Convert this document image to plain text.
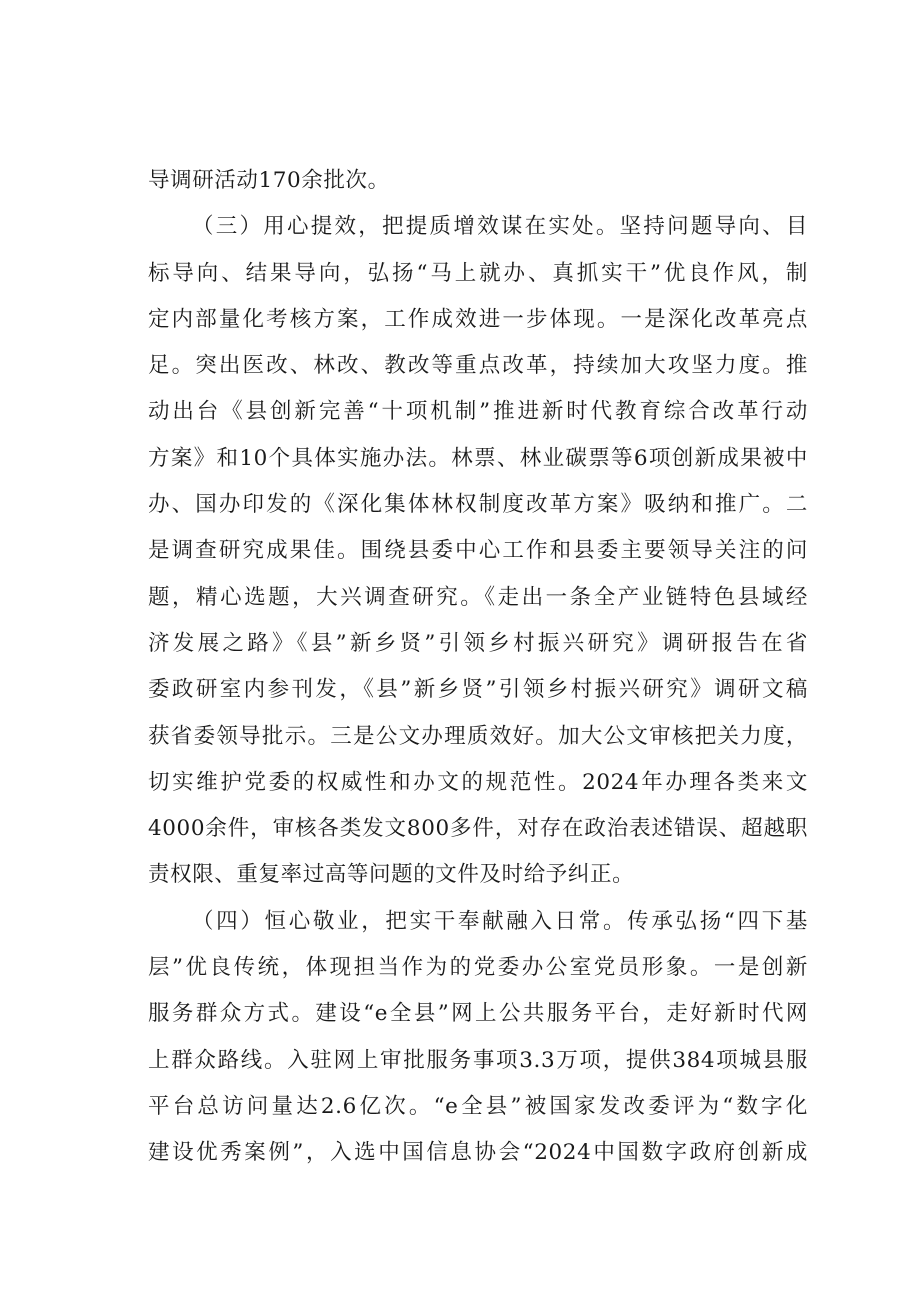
导调研活动170余批次。
（三）用心提效，把提质增效谋在实处。坚持问题导向、目
标导向、结果导向，弘扬“马上就办、真抓实干”优良作风，制
定内部量化考核方案，工作成效进一步体现。一是深化改革亮点
足。突出医改、林改、教改等重点改革，持续加大攻坚力度。推
动出台《县创新完善“十项机制”推进新时代教育综合改革行动
方案》和10个具体实施办法。林票、林业碳票等6项创新成果被中
办、国办印发的《深化集体林权制度改革方案》吸纳和推广。二
是调查研究成果佳。围绕县委中心工作和县委主要领导关注的问
题，精心选题，大兴调查研究。《走出一条全产业链特色县域经
济发展之路》《县”新乡贤”引领乡村振兴研究》调研报告在省
委政研室内参刊发，《县”新乡贤”引领乡村振兴研究》调研文稿
获省委领导批示。三是公文办理质效好。加大公文审核把关力度，
切实维护党委的权威性和办文的规范性。2024年办理各类来文
4000余件，审核各类发文800多件，对存在政治表述错误、超越职
责权限、重复率过高等问题的文件及时给予纠正。
（四）恒心敬业，把实干奉献融入日常。传承弘扬“四下基
层”优良传统，体现担当作为的党委办公室党员形象。一是创新
服务群众方式。建设“e全县”网上公共服务平台，走好新时代网
上群众路线。入驻网上审批服务事项3.3万项，提供384项城县服
平台总访问量达2.6亿次。“e全县”被国家发改委评为“数字化
建设优秀案例”，入选中国信息协会“2024中国数字政府创新成
